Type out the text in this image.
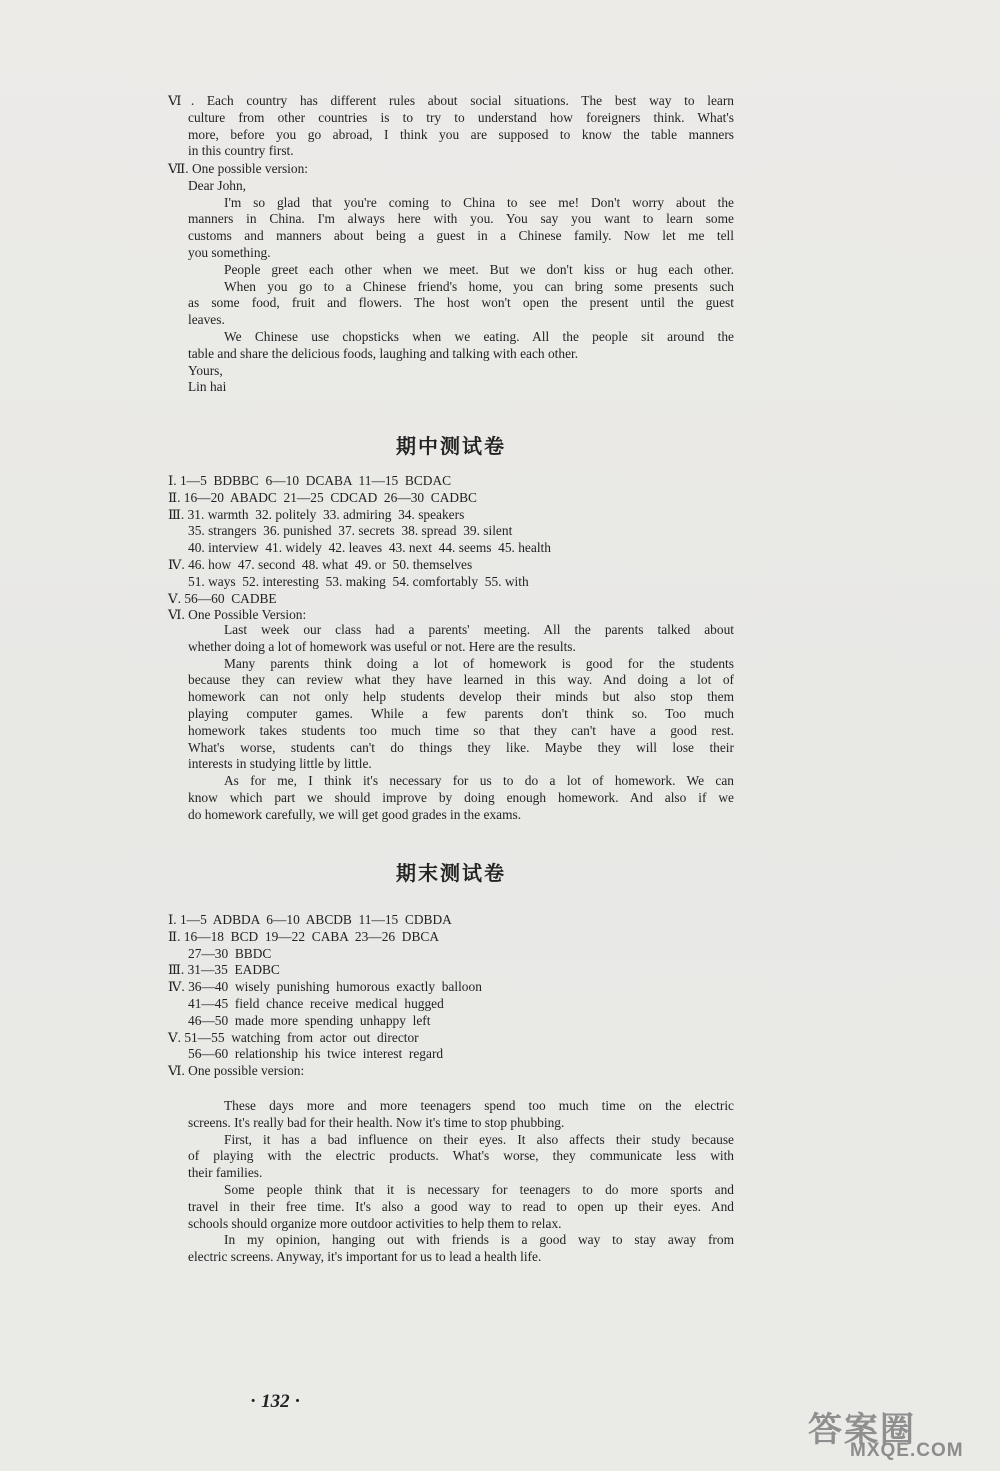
Ⅵ. Each country has different rules about social situations. The best way to learn
culture from other countries is to try to understand how foreigners think. What's
more, before you go abroad, I think you are supposed to know the table manners
in this country first.
Ⅶ. One possible version:
Dear John,
I'm so glad that you're coming to China to see me! Don't worry about the
manners in China. I'm always here with you. You say you want to learn some
customs and manners about being a guest in a Chinese family. Now let me tell
you something.
People greet each other when we meet. But we don't kiss or hug each other.
When you go to a Chinese friend's home, you can bring some presents such
as some food, fruit and flowers. The host won't open the present until the guest
leaves.
We Chinese use chopsticks when we eating. All the people sit around the
table and share the delicious foods, laughing and talking with each other.
Yours,
Lin hai
期中测试卷
Ⅰ. 1—5  BDBBC  6—10  DCABA  11—15  BCDAC
Ⅱ. 16—20  ABADC  21—25  CDCAD  26—30  CADBC
Ⅲ. 31. warmth  32. politely  33. admiring  34. speakers
35. strangers  36. punished  37. secrets  38. spread  39. silent
40. interview  41. widely  42. leaves  43. next  44. seems  45. health
Ⅳ. 46. how  47. second  48. what  49. or  50. themselves
51. ways  52. interesting  53. making  54. comfortably  55. with
Ⅴ. 56—60  CADBE
Ⅵ. One Possible Version:
Last week our class had a parents' meeting. All the parents talked about
whether doing a lot of homework was useful or not. Here are the results.
Many parents think doing a lot of homework is good for the students
because they can review what they have learned in this way. And doing a lot of
homework can not only help students develop their minds but also stop them
playing computer games. While a few parents don't think so. Too much
homework takes students too much time so that they can't have a good rest.
What's worse, students can't do things they like. Maybe they will lose their
interests in studying little by little.
As for me, I think it's necessary for us to do a lot of homework. We can
know which part we should improve by doing enough homework. And also if we
do homework carefully, we will get good grades in the exams.
期末测试卷
Ⅰ. 1—5  ADBDA  6—10  ABCDB  11—15  CDBDA
Ⅱ. 16—18  BCD  19—22  CABA  23—26  DBCA
27—30  BBDC
Ⅲ. 31—35  EADBC
Ⅳ. 36—40  wisely  punishing  humorous  exactly  balloon
41—45  field  chance  receive  medical  hugged
46—50  made  more  spending  unhappy  left
Ⅴ. 51—55  watching  from  actor  out  director
56—60  relationship  his  twice  interest  regard
Ⅵ. One possible version:
These days more and more teenagers spend too much time on the electric
screens. It's really bad for their health. Now it's time to stop phubbing.
First, it has a bad influence on their eyes. It also affects their study because
of playing with the electric products. What's worse, they communicate less with
their families.
Some people think that it is necessary for teenagers to do more sports and
travel in their free time. It's also a good way to read to open up their eyes. And
schools should organize more outdoor activities to help them to relax.
In my opinion, hanging out with friends is a good way to stay away from
electric screens. Anyway, it's important for us to lead a health life.
· 132 ·
答案圈
MXQE.COM
